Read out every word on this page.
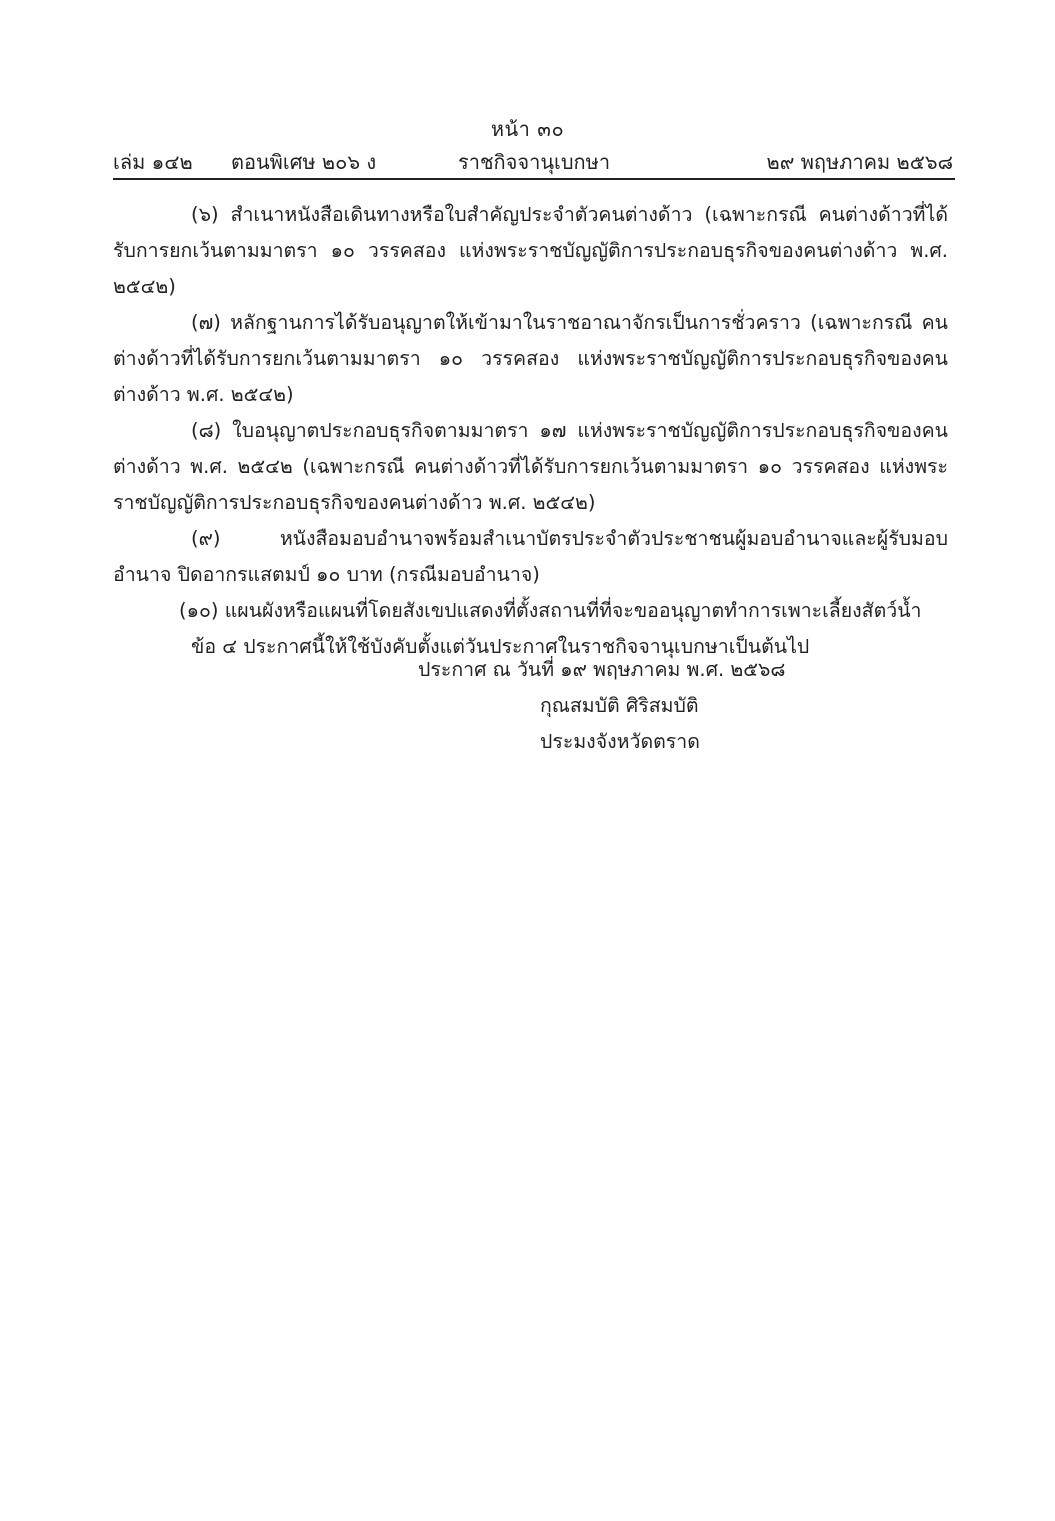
หน้า ๓๐
เล่ม ๑๔๒ ตอนพิเศษ ๒๐๖ ง	ราชกิจจานุเบกษา	๒๙ พฤษภาคม ๒๕๖๘

(๖) สำเนาหนังสือเดินทางหรือใบสำคัญประจำตัวคนต่างด้าว (เฉพาะกรณี คนต่างด้าวที่ได้รับการยกเว้นตามมาตรา ๑๐ วรรคสอง แห่งพระราชบัญญัติการประกอบธุรกิจของคนต่างด้าว พ.ศ. ๒๕๔๒)

(๗) หลักฐานการได้รับอนุญาตให้เข้ามาในราชอาณาจักรเป็นการชั่วคราว (เฉพาะกรณี คนต่างด้าวที่ได้รับการยกเว้นตามมาตรา ๑๐ วรรคสอง แห่งพระราชบัญญัติการประกอบธุรกิจของคนต่างด้าว พ.ศ. ๒๕๔๒)

(๘) ใบอนุญาตประกอบธุรกิจตามมาตรา ๑๗ แห่งพระราชบัญญัติการประกอบธุรกิจของคนต่างด้าว พ.ศ. ๒๕๔๒ (เฉพาะกรณี คนต่างด้าวที่ได้รับการยกเว้นตามมาตรา ๑๐ วรรคสอง แห่งพระราชบัญญัติการประกอบธุรกิจของคนต่างด้าว พ.ศ. ๒๕๔๒)

(๙) หนังสือมอบอำนาจพร้อมสำเนาบัตรประจำตัวประชาชนผู้มอบอำนาจและผู้รับมอบอำนาจ ปิดอากรแสตมป์ ๑๐ บาท (กรณีมอบอำนาจ)

(๑๐) แผนผังหรือแผนที่โดยสังเขปแสดงที่ตั้งสถานที่ที่จะขออนุญาตทำการเพาะเลี้ยงสัตว์น้ำ

ข้อ ๔ ประกาศนี้ให้ใช้บังคับตั้งแต่วันประกาศในราชกิจจานุเบกษาเป็นต้นไป

ประกาศ ณ วันที่ ๑๙ พฤษภาคม พ.ศ. ๒๕๖๘
กุณสมบัติ ศิริสมบัติ
ประมงจังหวัดตราด
